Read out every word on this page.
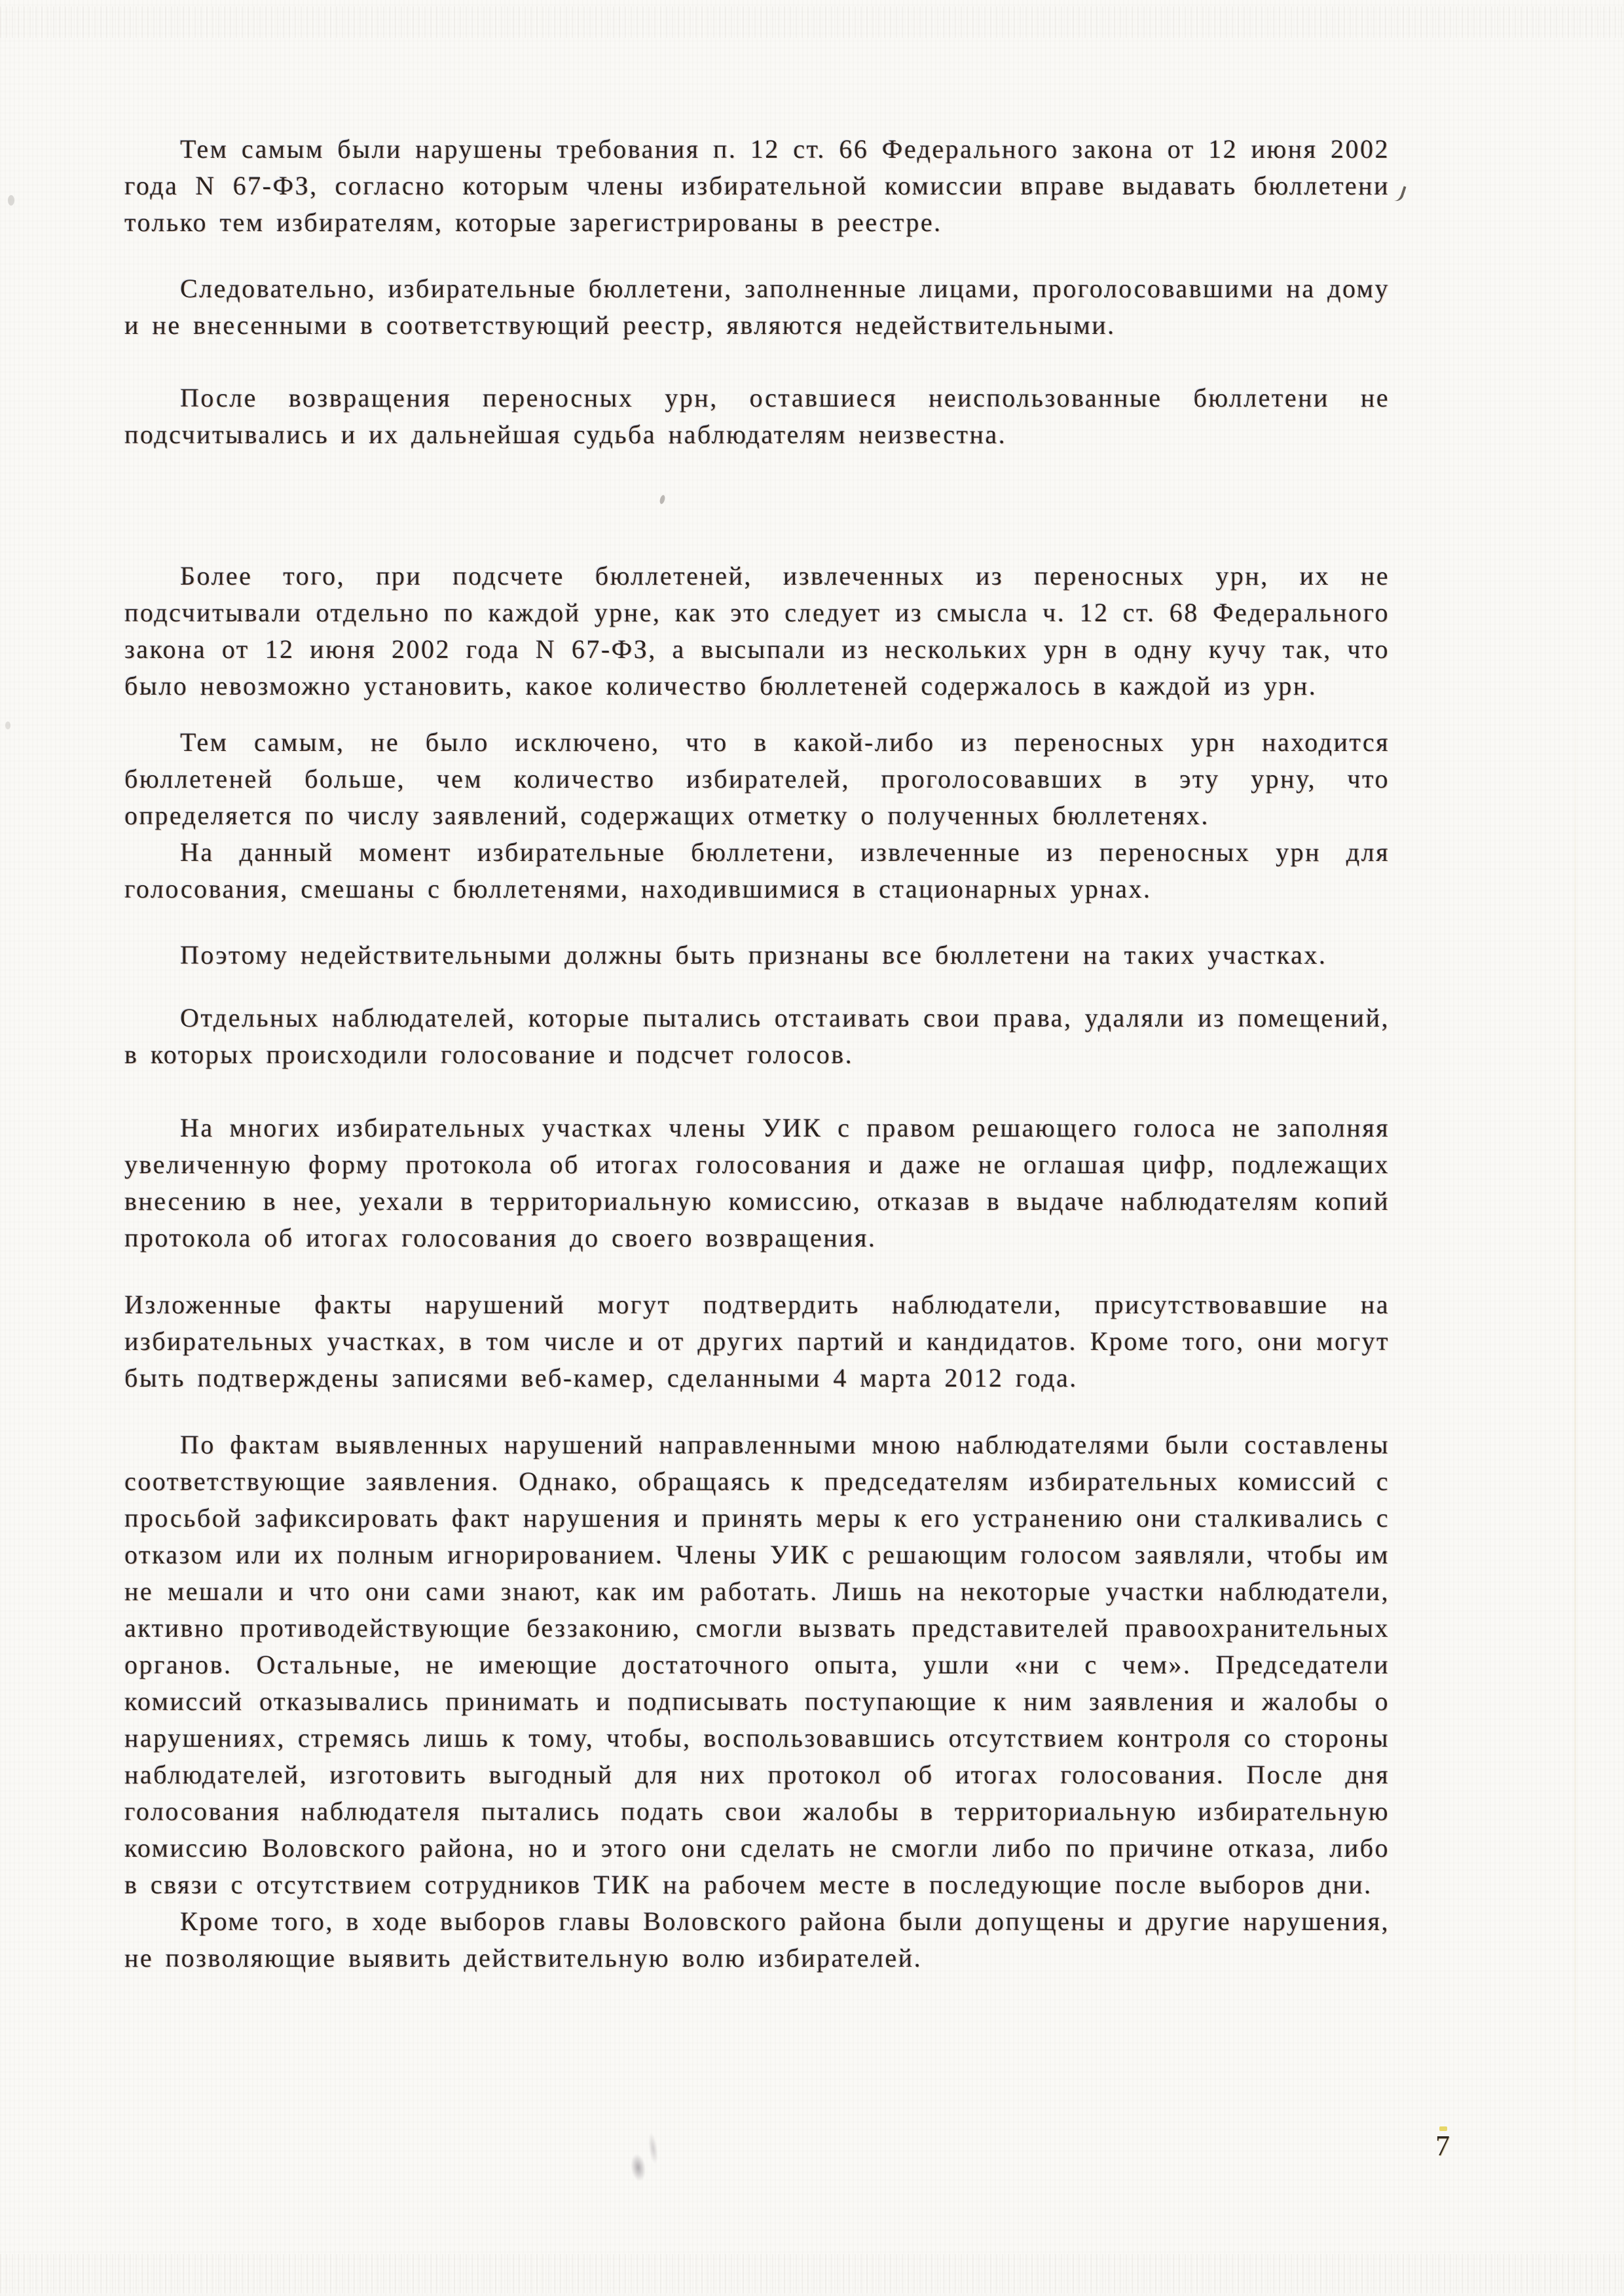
Тем самым были нарушены требования п. 12 ст. 66 Федерального закона от 12 июня 2002 года N 67-ФЗ, согласно которым члены избирательной комиссии вправе выдавать бюллетени только тем избирателям, которые зарегистрированы в реестре.

Следовательно, избирательные бюллетени, заполненные лицами, проголосовавшими на дому и не внесенными в соответствующий реестр, являются недействительными.

После возвращения переносных урн, оставшиеся неиспользованные бюллетени не подсчитывались и их дальнейшая судьба наблюдателям неизвестна.

Более того, при подсчете бюллетеней, извлеченных из переносных урн, их не подсчитывали отдельно по каждой урне, как это следует из смысла ч. 12 ст. 68 Федерального закона от 12 июня 2002 года N 67-ФЗ, а высыпали из нескольких урн в одну кучу так, что было невозможно установить, какое количество бюллетеней содержалось в каждой из урн.

Тем самым, не было исключено, что в какой-либо из переносных урн находится бюллетеней больше, чем количество избирателей, проголосовавших в эту урну, что определяется по числу заявлений, содержащих отметку о полученных бюллетенях.

На данный момент избирательные бюллетени, извлеченные из переносных урн для голосования, смешаны с бюллетенями, находившимися в стационарных урнах.

Поэтому недействительными должны быть признаны все бюллетени на таких участках.

Отдельных наблюдателей, которые пытались отстаивать свои права, удаляли из помещений, в которых происходили голосование и подсчет голосов.

На многих избирательных участках члены УИК с правом решающего голоса не заполняя увеличенную форму протокола об итогах голосования и даже не оглашая цифр, подлежащих внесению в нее, уехали в территориальную комиссию, отказав в выдаче наблюдателям копий протокола об итогах голосования до своего возвращения.

Изложенные факты нарушений могут подтвердить наблюдатели, присутствовавшие на избирательных участках, в том числе и от других партий и кандидатов. Кроме того, они могут быть подтверждены записями веб-камер, сделанными 4 марта 2012 года.

По фактам выявленных нарушений направленными мною наблюдателями были составлены соответствующие заявления. Однако, обращаясь к председателям избирательных комиссий с просьбой зафиксировать факт нарушения и принять меры к его устранению они сталкивались с отказом или их полным игнорированием. Члены УИК с решающим голосом заявляли, чтобы им не мешали и что они сами знают, как им работать. Лишь на некоторые участки наблюдатели, активно противодействующие беззаконию, смогли вызвать представителей правоохранительных органов. Остальные, не имеющие достаточного опыта, ушли «ни с чем». Председатели комиссий отказывались принимать и подписывать поступающие к ним заявления и жалобы о нарушениях, стремясь лишь к тому, чтобы, воспользовавшись отсутствием контроля со стороны наблюдателей, изготовить выгодный для них протокол об итогах голосования. После дня голосования наблюдателя пытались подать свои жалобы в территориальную избирательную комиссию Воловского района, но и этого они сделать не смогли либо по причине отказа, либо в связи с отсутствием сотрудников ТИК на рабочем месте в последующие после выборов дни.

Кроме того, в ходе выборов главы Воловского района были допущены и другие нарушения, не позволяющие выявить действительную волю избирателей.

7
